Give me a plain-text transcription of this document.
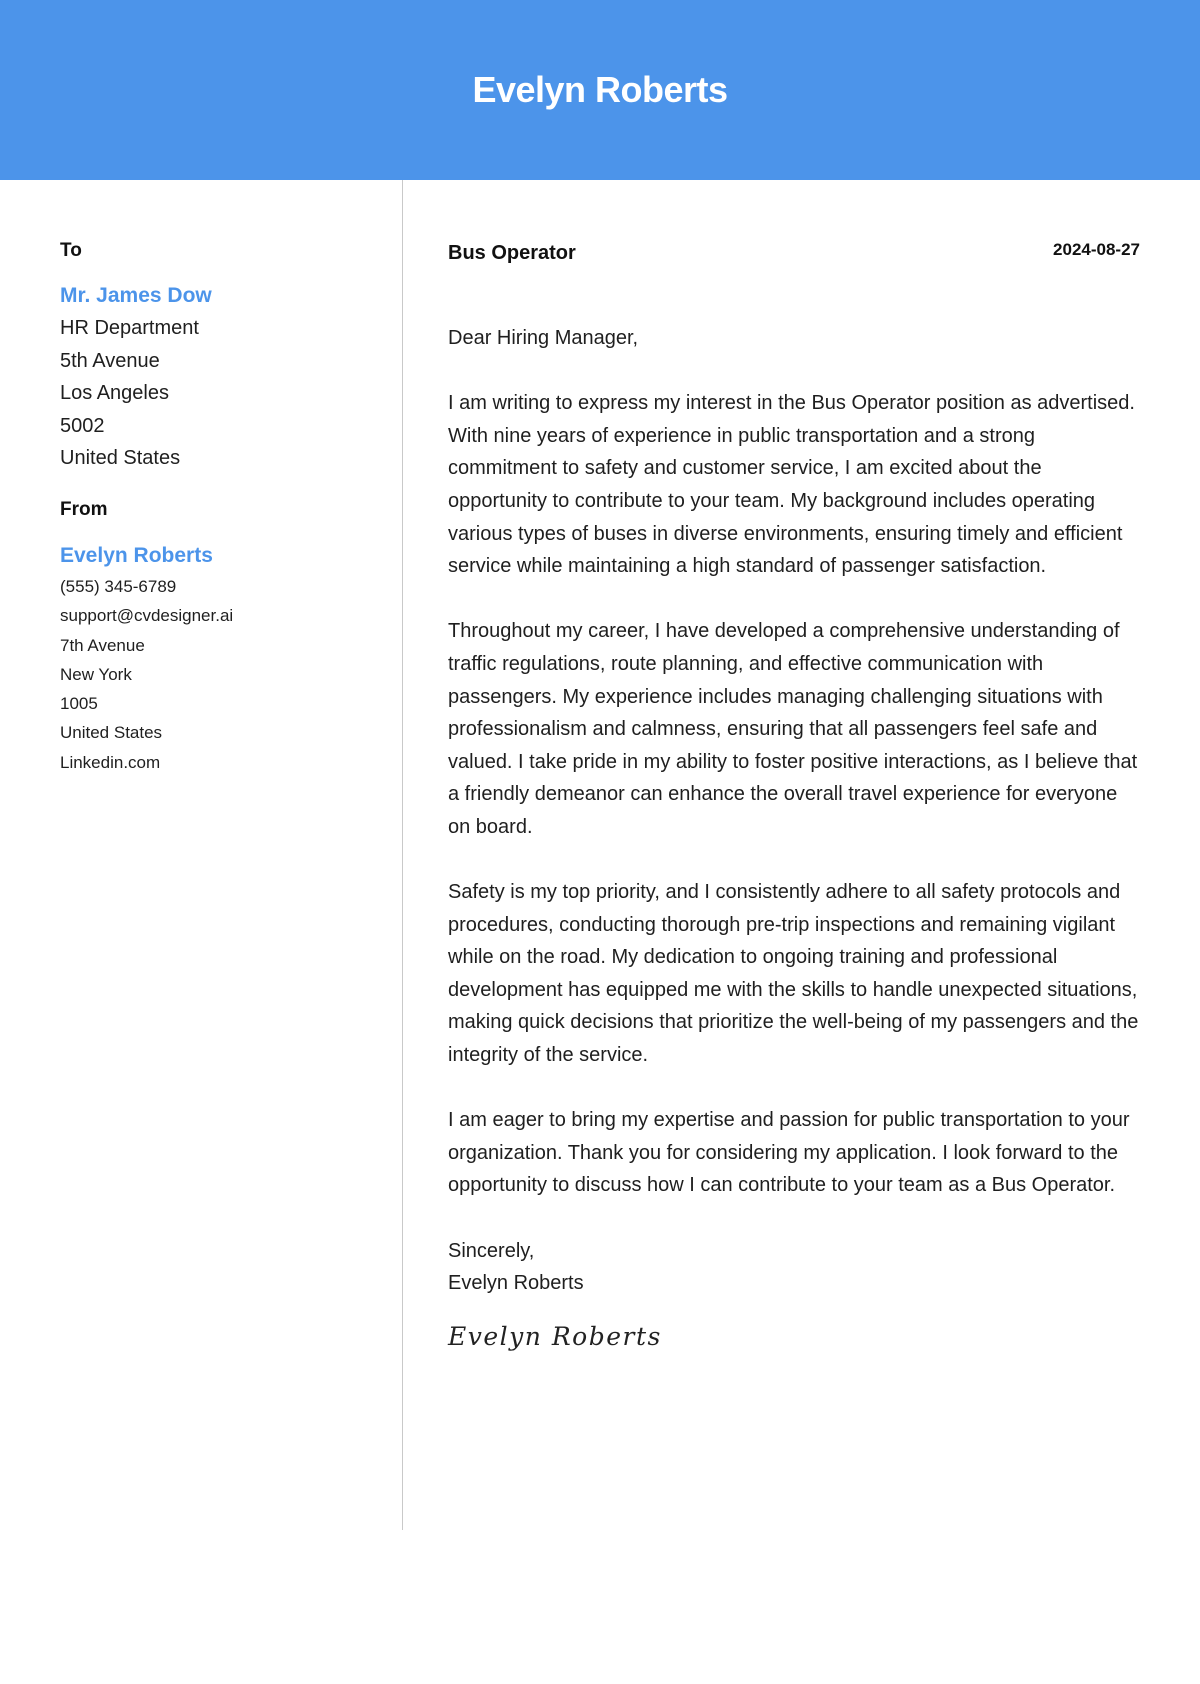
Evelyn Roberts
To
Mr. James Dow
HR Department
5th Avenue
Los Angeles
5002
United States
From
Evelyn Roberts
(555) 345-6789
support@cvdesigner.ai
7th Avenue
New York
1005
United States
Linkedin.com
Bus Operator	2024-08-27
Dear Hiring Manager,

I am writing to express my interest in the Bus Operator position as advertised. With nine years of experience in public transportation and a strong commitment to safety and customer service, I am excited about the opportunity to contribute to your team. My background includes operating various types of buses in diverse environments, ensuring timely and efficient service while maintaining a high standard of passenger satisfaction.

Throughout my career, I have developed a comprehensive understanding of traffic regulations, route planning, and effective communication with passengers. My experience includes managing challenging situations with professionalism and calmness, ensuring that all passengers feel safe and valued. I take pride in my ability to foster positive interactions, as I believe that a friendly demeanor can enhance the overall travel experience for everyone on board.

Safety is my top priority, and I consistently adhere to all safety protocols and procedures, conducting thorough pre-trip inspections and remaining vigilant while on the road. My dedication to ongoing training and professional development has equipped me with the skills to handle unexpected situations, making quick decisions that prioritize the well-being of my passengers and the integrity of the service.

I am eager to bring my expertise and passion for public transportation to your organization. Thank you for considering my application. I look forward to the opportunity to discuss how I can contribute to your team as a Bus Operator.

Sincerely,
Evelyn Roberts
Evelyn Roberts
